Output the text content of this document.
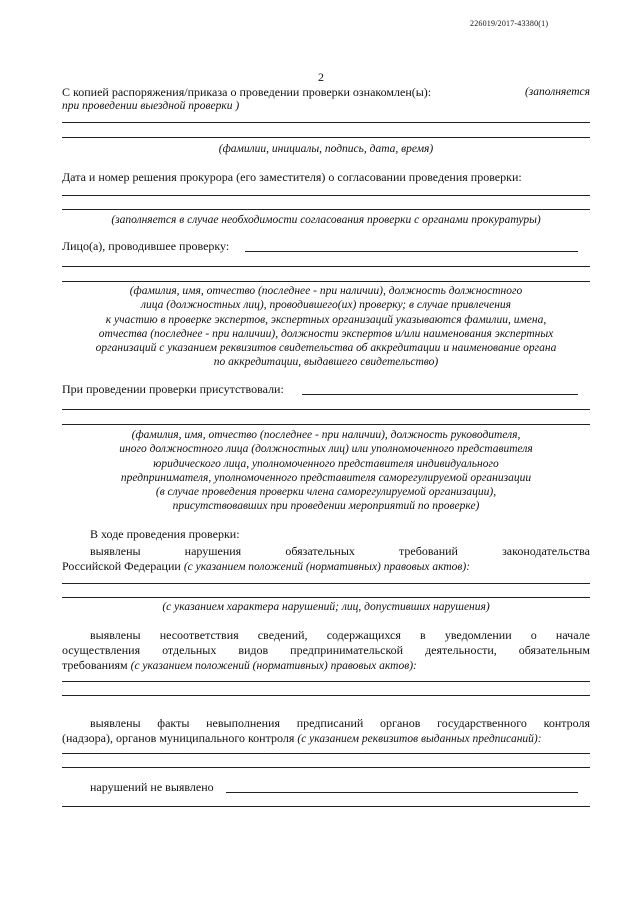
226019/2017-43380(1)
2
С копией распоряжения/приказа о проведении проверки ознакомлен(ы):	(заполняется
при проведении выездной проверки )
(фамилии, инициалы, подпись, дата, время)
Дата и номер решения прокурора (его заместителя) о согласовании проведения проверки:
(заполняется в случае необходимости согласования проверки с органами прокуратуры)
Лицо(а), проводившее проверку:
(фамилия, имя, отчество (последнее - при наличии), должность должностного
лица (должностных лиц), проводившего(их) проверку; в случае привлечения
к участию в проверке экспертов, экспертных организаций указываются фамилии, имена,
отчества (последнее - при наличии), должности экспертов и/или наименования экспертных
организаций с указанием реквизитов свидетельства об аккредитации и наименование органа
по аккредитации, выдавшего свидетельство)
При проведении проверки присутствовали:
(фамилия, имя, отчество (последнее - при наличии), должность руководителя,
иного должностного лица (должностных лиц) или уполномоченного представителя
юридического лица, уполномоченного представителя индивидуального
предпринимателя, уполномоченного представителя саморегулируемой организации
(в случае проведения проверки члена саморегулируемой организации),
присутствовавших при проведении мероприятий по проверке)
В ходе проведения проверки:
выявлены	нарушения	обязательных	требований	законодательства
Российской Федерации (с указанием положений (нормативных) правовых актов):
(с указанием характера нарушений; лиц, допустивших нарушения)
выявлены несоответствия сведений, содержащихся в уведомлении о начале
осуществления отдельных видов предпринимательской деятельности, обязательным
требованиям (с указанием положений (нормативных) правовых актов):
выявлены факты невыполнения предписаний органов государственного контроля
(надзора), органов муниципального контроля (с указанием реквизитов выданных предписаний):
нарушений не выявлено
